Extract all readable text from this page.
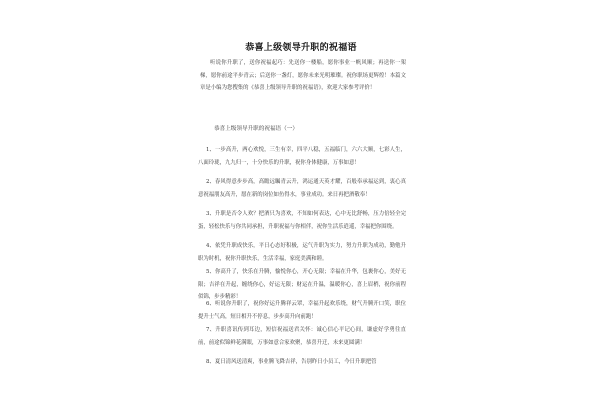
恭喜上级领导升职的祝福语
听说你升职了，送你祝福起巧：先送你一楼船，愿你事业一帆风顺；再送你一架梯，愿你前途平步青云；后送你一盏灯，愿你未来光明璀璨。祝你职场更辉煌！本篇文章是小编为您搜集的《恭喜上级领导升职的祝福语》，欢迎大家参考评价！
恭喜上级领导升职的祝福语（一）
1、一步高升，两心欢悦，三生有幸，四平八稳，五福临门，六六大顺，七彩人生，八面玲珑，九九归一，十分快乐的升职，祝你身体健康，万事如意！
2、春风得意步步高，高瞻远瞩青云升，鸿运通天英才耀，百般奉承福运到，衷心真意祝福朋友高升，愿在新的岗位如鱼得水，事业成功。来日再把酒敬奉！
3、升职是否令人欢？把酒只为喜欢，不知如何表达，心中无比舒畅，压力倍轻全完蛋，轻松快乐与你共同承担，升职祝福与你相伴，祝你生活乐逍遥，幸福把你围绕。
4、依凭升职成快乐，平日心态好积极，运气升职为实力，努力升职为成功，勤勉升职为时机，祝你升职快乐，生活幸福，家庭美满和睦。
5、你高升了，快乐在升腾，愉悦你心，开心无限；幸福在升华，包裹你心，美好无限；吉祥在升起，缠绕你心，好运无限；财运在升温，温暖你心，喜上眉梢，祝你前程似锦，步步精彩！
6、听说你升职了，祝你好运升腾祥云罩，幸福升起欢乐绕，财气升腾开口笑，职位提升士气高，短日相升不停息，步步高升向前跑！
7、升职喜讯传到耳边，短信祝福送君关怀：诚心信心平记心间，谦虚好学勇往直前，前途似锦鲜花满眼，万事如意合家欢聚，恭喜升迁，未来更圆满！
8、夏日清风送清爽，事业腾飞降吉祥，告别昨日小员工，今日升职把管
